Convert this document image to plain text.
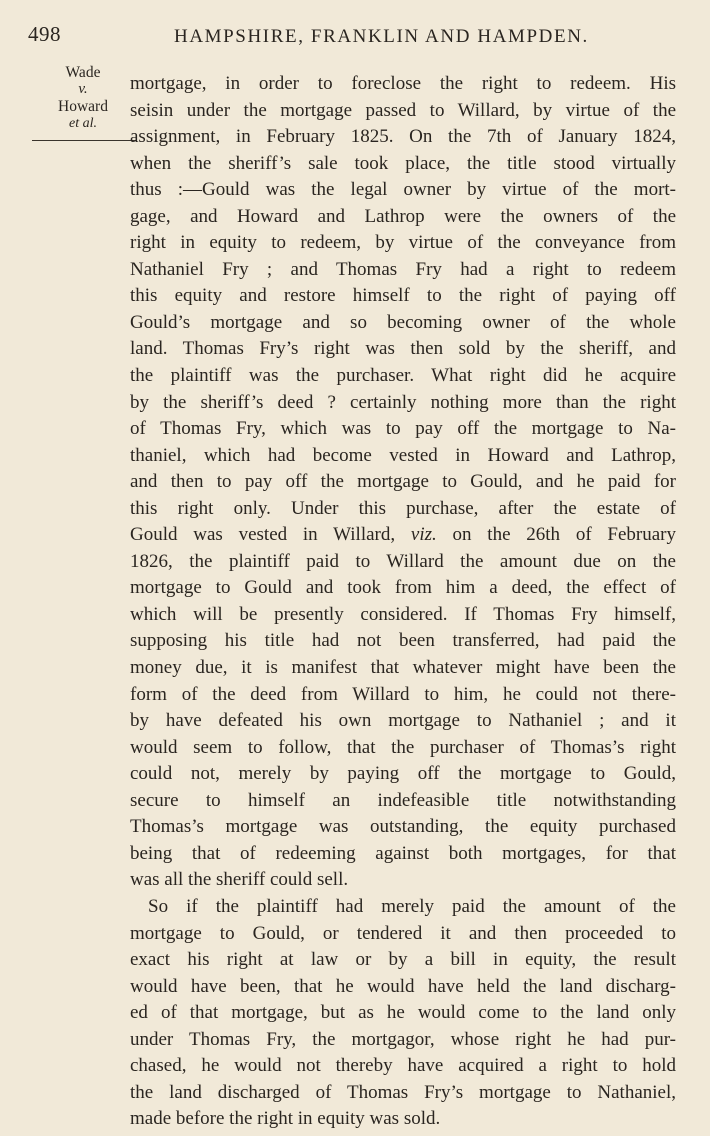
498	HAMPSHIRE, FRANKLIN AND HAMPDEN.
Wade
v.
Howard
et al.
mortgage, in order to foreclose the right to redeem. His
seisin under the mortgage passed to Willard, by virtue of the
assignment, in February 1825. On the 7th of January 1824,
when the sheriff’s sale took place, the title stood virtually
thus :—Gould was the legal owner by virtue of the mort-
gage, and Howard and Lathrop were the owners of the
right in equity to redeem, by virtue of the conveyance from
Nathaniel Fry ; and Thomas Fry had a right to redeem
this equity and restore himself to the right of paying off
Gould’s mortgage and so becoming owner of the whole
land. Thomas Fry’s right was then sold by the sheriff, and
the plaintiff was the purchaser. What right did he acquire
by the sheriff’s deed ? certainly nothing more than the right
of Thomas Fry, which was to pay off the mortgage to Na-
thaniel, which had become vested in Howard and Lathrop,
and then to pay off the mortgage to Gould, and he paid for
this right only. Under this purchase, after the estate of
Gould was vested in Willard, viz. on the 26th of February
1826, the plaintiff paid to Willard the amount due on the
mortgage to Gould and took from him a deed, the effect of
which will be presently considered. If Thomas Fry himself,
supposing his title had not been transferred, had paid the
money due, it is manifest that whatever might have been the
form of the deed from Willard to him, he could not there-
by have defeated his own mortgage to Nathaniel ; and it
would seem to follow, that the purchaser of Thomas’s right
could not, merely by paying off the mortgage to Gould,
secure to himself an indefeasible title notwithstanding
Thomas’s mortgage was outstanding, the equity purchased
being that of redeeming against both mortgages, for that
was all the sheriff could sell.
So if the plaintiff had merely paid the amount of the
mortgage to Gould, or tendered it and then proceeded to
exact his right at law or by a bill in equity, the result
would have been, that he would have held the land discharg-
ed of that mortgage, but as he would come to the land only
under Thomas Fry, the mortgagor, whose right he had pur-
chased, he would not thereby have acquired a right to hold
the land discharged of Thomas Fry’s mortgage to Nathaniel,
made before the right in equity was sold.
